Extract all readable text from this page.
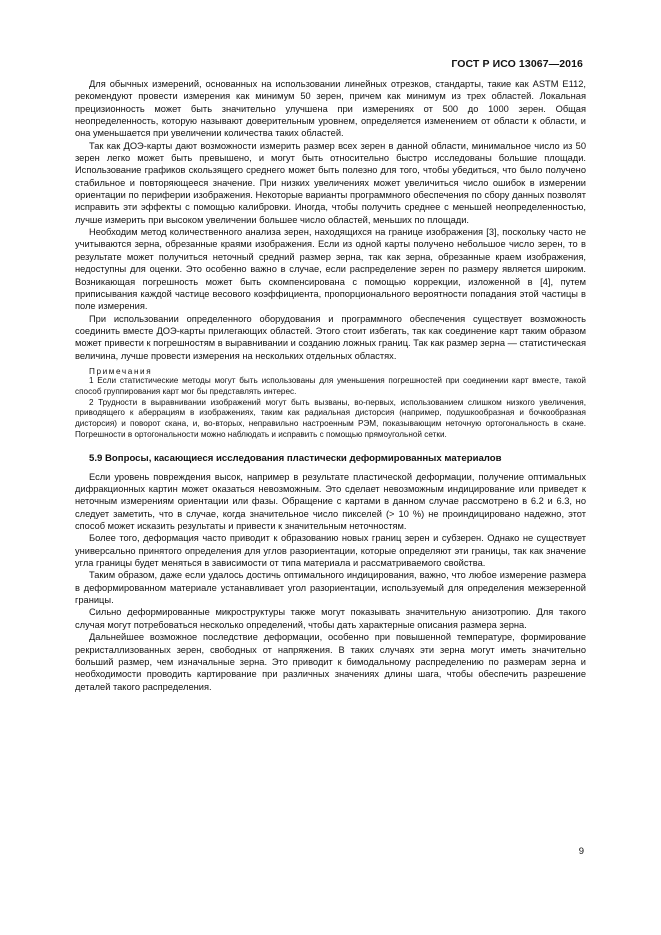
ГОСТ Р ИСО 13067—2016

Для обычных измерений, основанных на использовании линейных отрезков, стандарты, такие как ASTM E112, рекомендуют провести измерения как минимум 50 зерен, причем как минимум из трех областей. Локальная прецизионность может быть значительно улучшена при измерениях от 500 до 1000 зерен. Общая неопределенность, которую называют доверительным уровнем, определяется изменением от области к области, и она уменьшается при увеличении количества таких областей.

Так как ДОЭ-карты дают возможности измерить размер всех зерен в данной области, минимальное число из 50 зерен легко может быть превышено, и могут быть относительно быстро исследованы большие площади. Использование графиков скользящего среднего может быть полезно для того, чтобы убедиться, что было получено стабильное и повторяющееся значение. При низких увеличениях может увеличиться число ошибок в измерении ориентации по периферии изображения. Некоторые варианты программного обеспечения по сбору данных позволят исправить эти эффекты с помощью калибровки. Иногда, чтобы получить среднее с меньшей неопределенностью, лучше измерить при высоком увеличении большее число областей, меньших по площади.

Необходим метод количественного анализа зерен, находящихся на границе изображения [3], поскольку часто не учитываются зерна, обрезанные краями изображения. Если из одной карты получено небольшое число зерен, то в результате может получиться неточный средний размер зерна, так как зерна, обрезанные краем изображения, недоступны для оценки. Это особенно важно в случае, если распределение зерен по размеру является широким. Возникающая погрешность может быть скомпенсирована с помощью коррекции, изложенной в [4], путем приписывания каждой частице весового коэффициента, пропорционального вероятности попадания этой частицы в поле измерения.

При использовании определенного оборудования и программного обеспечения существует возможность соединить вместе ДОЭ-карты прилегающих областей. Этого стоит избегать, так как соединение карт таким образом может привести к погрешностям в выравнивании и созданию ложных границ. Так как размер зерна — статистическая величина, лучше провести измерения на нескольких отдельных областях.

Примечания

1 Если статистические методы могут быть использованы для уменьшения погрешностей при соединении карт вместе, такой способ группирования карт мог бы представлять интерес.

2 Трудности в выравнивании изображений могут быть вызваны, во-первых, использованием слишком низкого увеличения, приводящего к аберрациям в изображениях, таким как радиальная дисторсия (например, подушкообразная и бочкообразная дисторсия) и поворот скана, и, во-вторых, неправильно настроенным РЭМ, показывающим неточную ортогональность в скане. Погрешности в ортогональности можно наблюдать и исправить с помощью прямоугольной сетки.

5.9 Вопросы, касающиеся исследования пластически деформированных материалов

Если уровень повреждения высок, например в результате пластической деформации, получение оптимальных дифракционных картин может оказаться невозможным. Это сделает невозможным индицирование или приведет к неточным измерениям ориентации или фазы. Обращение с картами в данном случае рассмотрено в 6.2 и 6.3, но следует заметить, что в случае, когда значительное число пикселей (> 10 %) не проиндицировано надежно, этот способ может исказить результаты и привести к значительным неточностям.

Более того, деформация часто приводит к образованию новых границ зерен и субзерен. Однако не существует универсально принятого определения для углов разориентации, которые определяют эти границы, так как значение угла границы будет меняться в зависимости от типа материала и рассматриваемого свойства.

Таким образом, даже если удалось достичь оптимального индицирования, важно, что любое измерение размера в деформированном материале устанавливает угол разориентации, используемый для определения межзеренной границы.

Сильно деформированные микроструктуры также могут показывать значительную анизотропию. Для такого случая могут потребоваться несколько определений, чтобы дать характерные описания размера зерна.

Дальнейшее возможное последствие деформации, особенно при повышенной температуре, формирование рекристаллизованных зерен, свободных от напряжения. В таких случаях эти зерна могут иметь значительно больший размер, чем изначальные зерна. Это приводит к бимодальному распределению по размерам зерна и необходимости проводить картирование при различных значениях длины шага, чтобы обеспечить разрешение деталей такого распределения.

9
